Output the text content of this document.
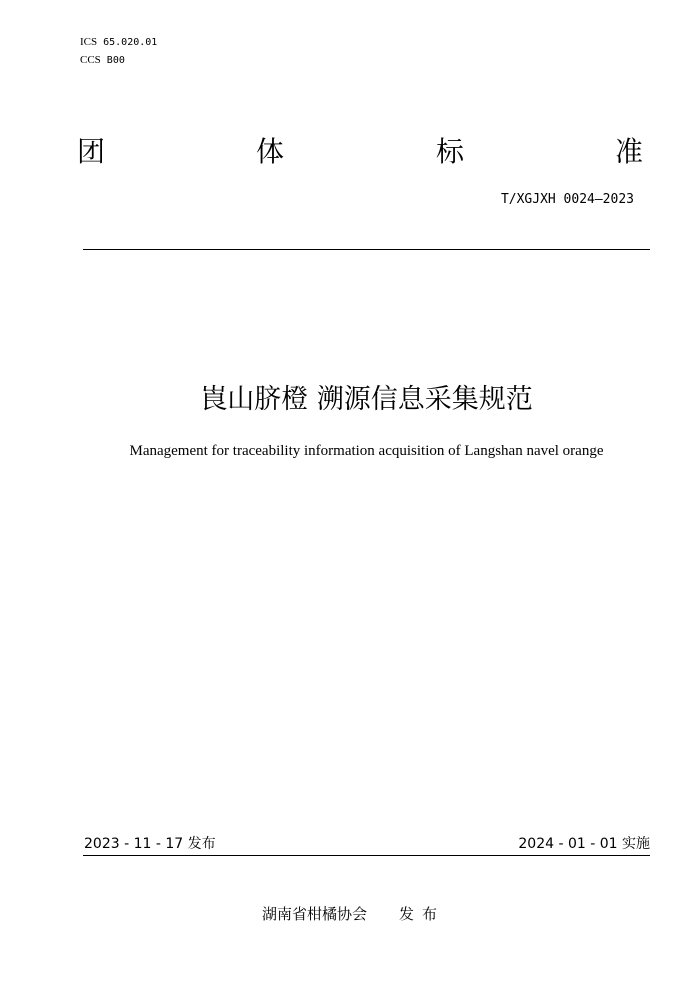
ICS 65.020.01
CCS B00
团	体	标	准
T/XGJXH 0024—2023
崀山脐橙 溯源信息采集规范
Management for traceability information acquisition of Langshan navel orange
2023 - 11 - 17 发布	2024 - 01 - 01 实施
湖南省柑橘协会 发布
